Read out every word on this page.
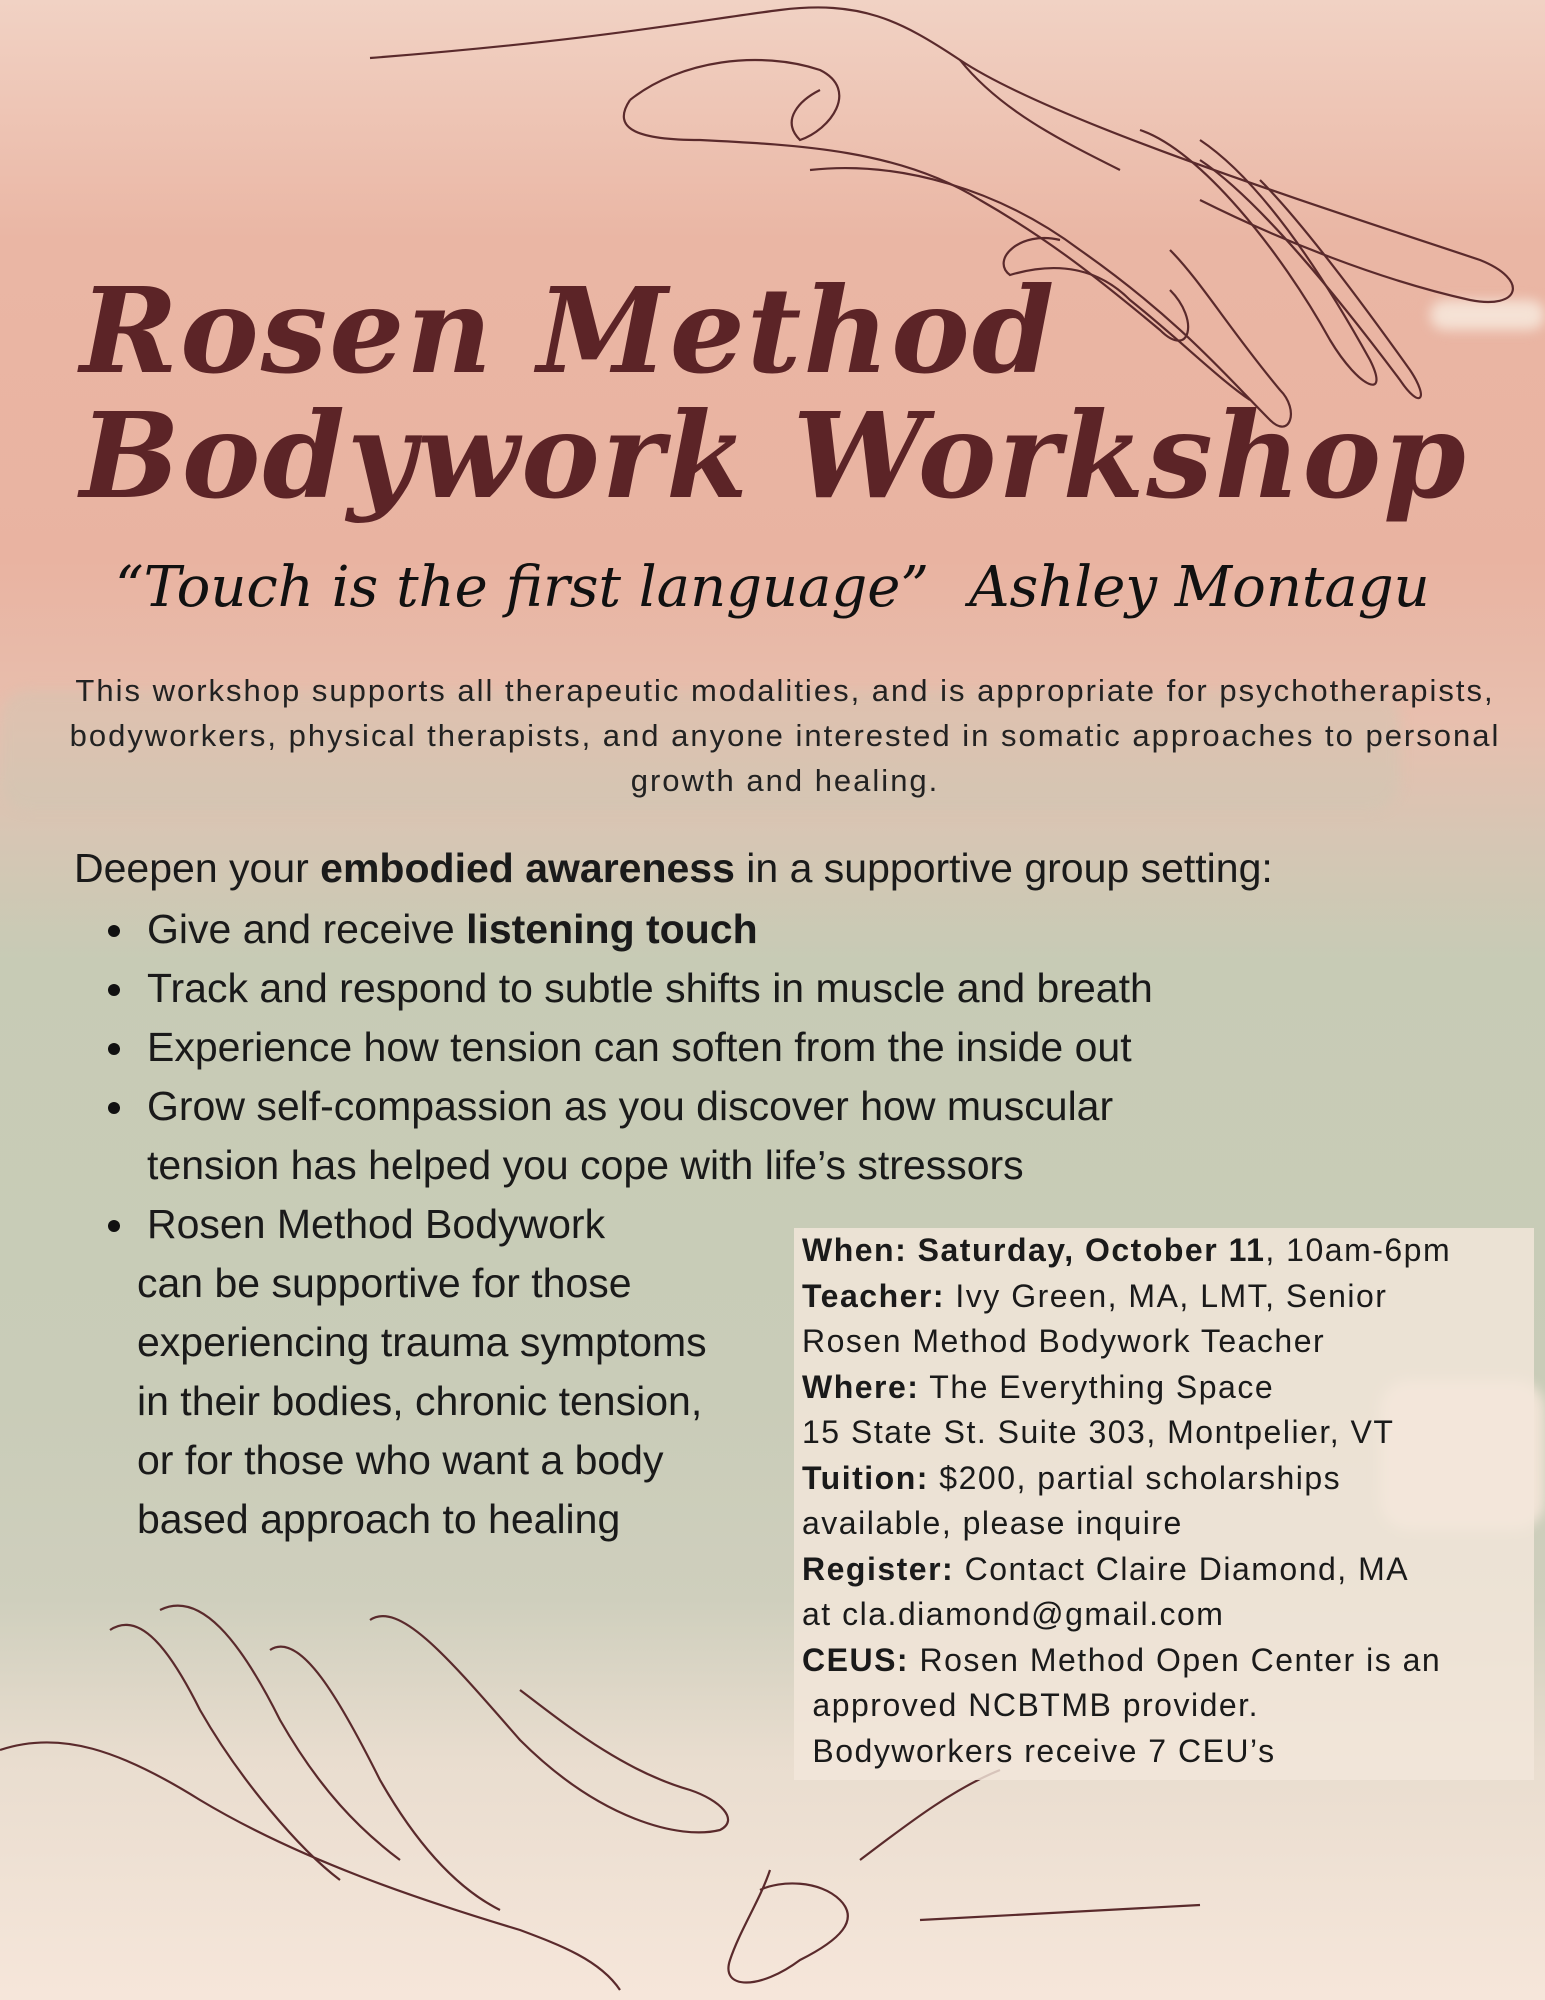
Rosen Method
Bodywork Workshop
“Touch is the first language” Ashley Montagu

This workshop supports all therapeutic modalities, and is appropriate for psychotherapists, bodyworkers, physical therapists, and anyone interested in somatic approaches to personal growth and healing.

Deepen your embodied awareness in a supportive group setting:
Give and receive listening touch
Track and respond to subtle shifts in muscle and breath
Experience how tension can soften from the inside out
Grow self-compassion as you discover how muscular
tension has helped you cope with life’s stressors
Rosen Method Bodywork
can be supportive for those
experiencing trauma symptoms
in their bodies, chronic tension,
or for those who want a body
based approach to healing
When: Saturday, October 11, 10am-6pm
Teacher: Ivy Green, MA, LMT, Senior
Rosen Method Bodywork Teacher
Where: The Everything Space
15 State St. Suite 303, Montpelier, VT
Tuition: $200, partial scholarships
available, please inquire
Register: Contact Claire Diamond, MA
at cla.diamond@gmail.com
CEUS: Rosen Method Open Center is an
approved NCBTMB provider.
Bodyworkers receive 7 CEU’s
